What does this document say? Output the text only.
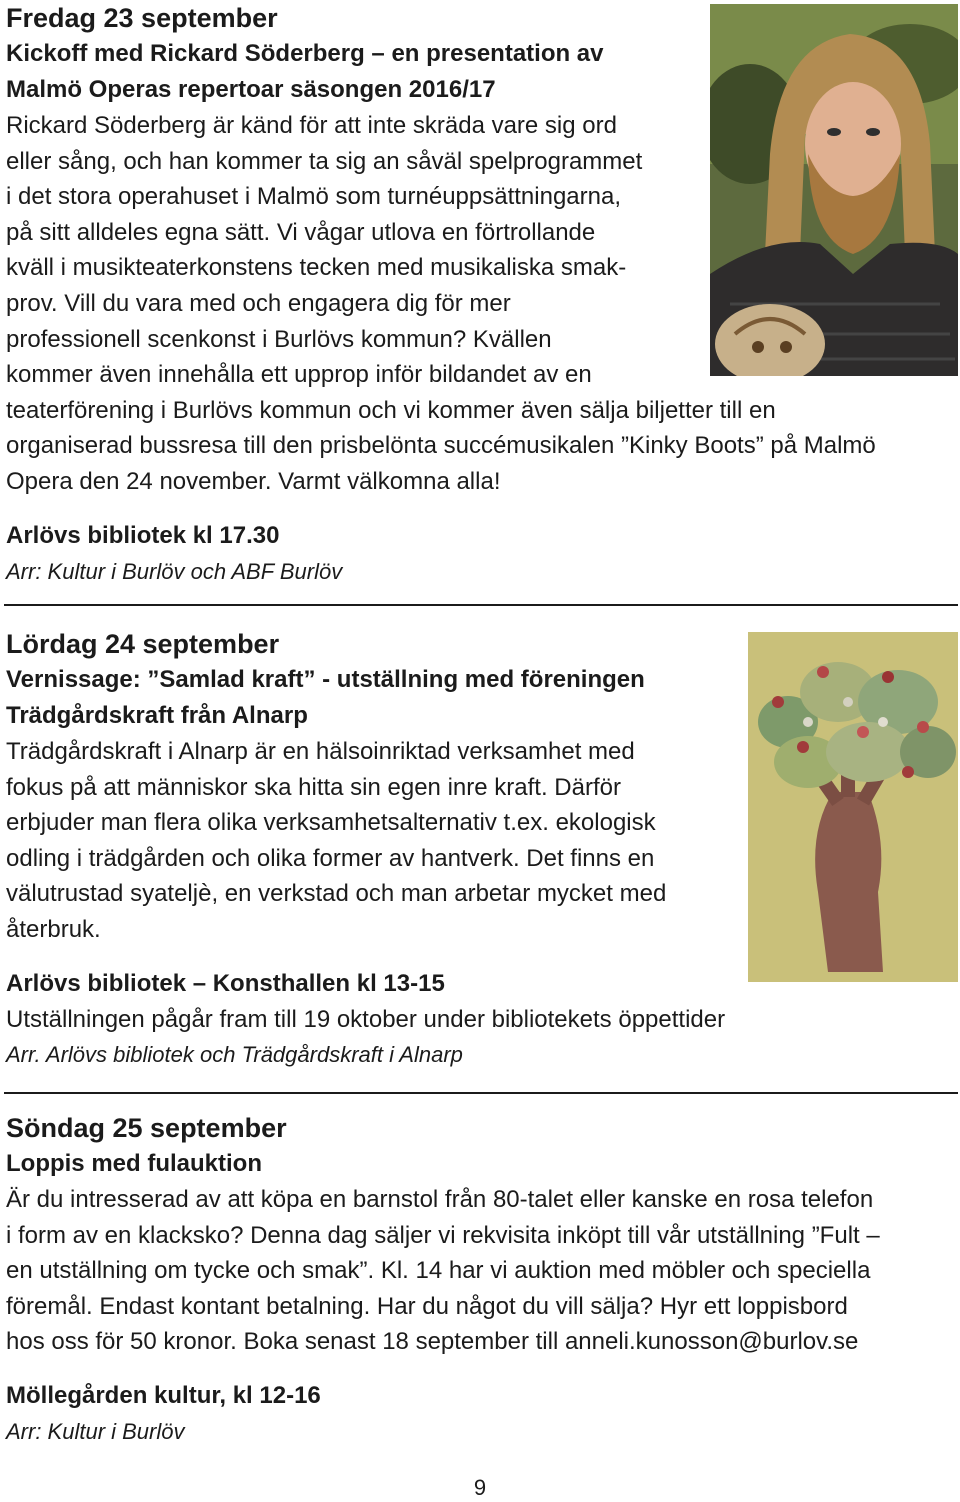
Fredag 23 september

Kickoff med Rickard Söderberg – en presentation av

Malmö Operas repertoar säsongen 2016/17

Rickard Söderberg är känd för att inte skräda vare sig ord

eller sång, och han kommer ta sig an såväl spelprogrammet

i det stora operahuset i Malmö som turnéuppsättningarna,

på sitt alldeles egna sätt. Vi vågar utlova en förtrollande

kväll i musikteaterkonstens tecken med musikaliska smak-

prov. Vill du vara med och engagera dig för mer

professionell scenkonst i Burlövs kommun? Kvällen

kommer även innehålla ett upprop inför bildandet av en

teaterförening i Burlövs kommun och vi kommer även sälja biljetter till en

organiserad bussresa till den prisbelönta succémusikalen ”Kinky Boots” på Malmö

Opera den 24 november. Varmt välkomna alla!

Arlövs bibliotek kl 17.30

Arr: Kultur i Burlöv och ABF Burlöv

Lördag 24 september

Vernissage: ”Samlad kraft” - utställning med föreningen

Trädgårdskraft från Alnarp

Trädgårdskraft i Alnarp är en hälsoinriktad verksamhet med

fokus på att människor ska hitta sin egen inre kraft. Därför

erbjuder man flera olika verksamhetsalternativ t.ex. ekologisk

odling i trädgården och olika former av hantverk. Det finns en

välutrustad syateljè, en verkstad och man arbetar mycket med

återbruk.

Arlövs bibliotek – Konsthallen kl 13-15

Utställningen pågår fram till 19 oktober under bibliotekets öppettider

Arr. Arlövs bibliotek och Trädgårdskraft i Alnarp

Söndag 25 september

Loppis med fulauktion

Är du intresserad av att köpa en barnstol från 80-talet eller kanske en rosa telefon

i form av en klacksko? Denna dag säljer vi rekvisita inköpt till vår utställning ”Fult –

en utställning om tycke och smak”. Kl. 14 har vi auktion med möbler och speciella

föremål. Endast kontant betalning. Har du något du vill sälja? Hyr ett loppisbord

hos oss för 50 kronor. Boka senast 18 september till anneli.kunosson@burlov.se

Möllegården kultur, kl 12-16

Arr: Kultur i Burlöv

9
